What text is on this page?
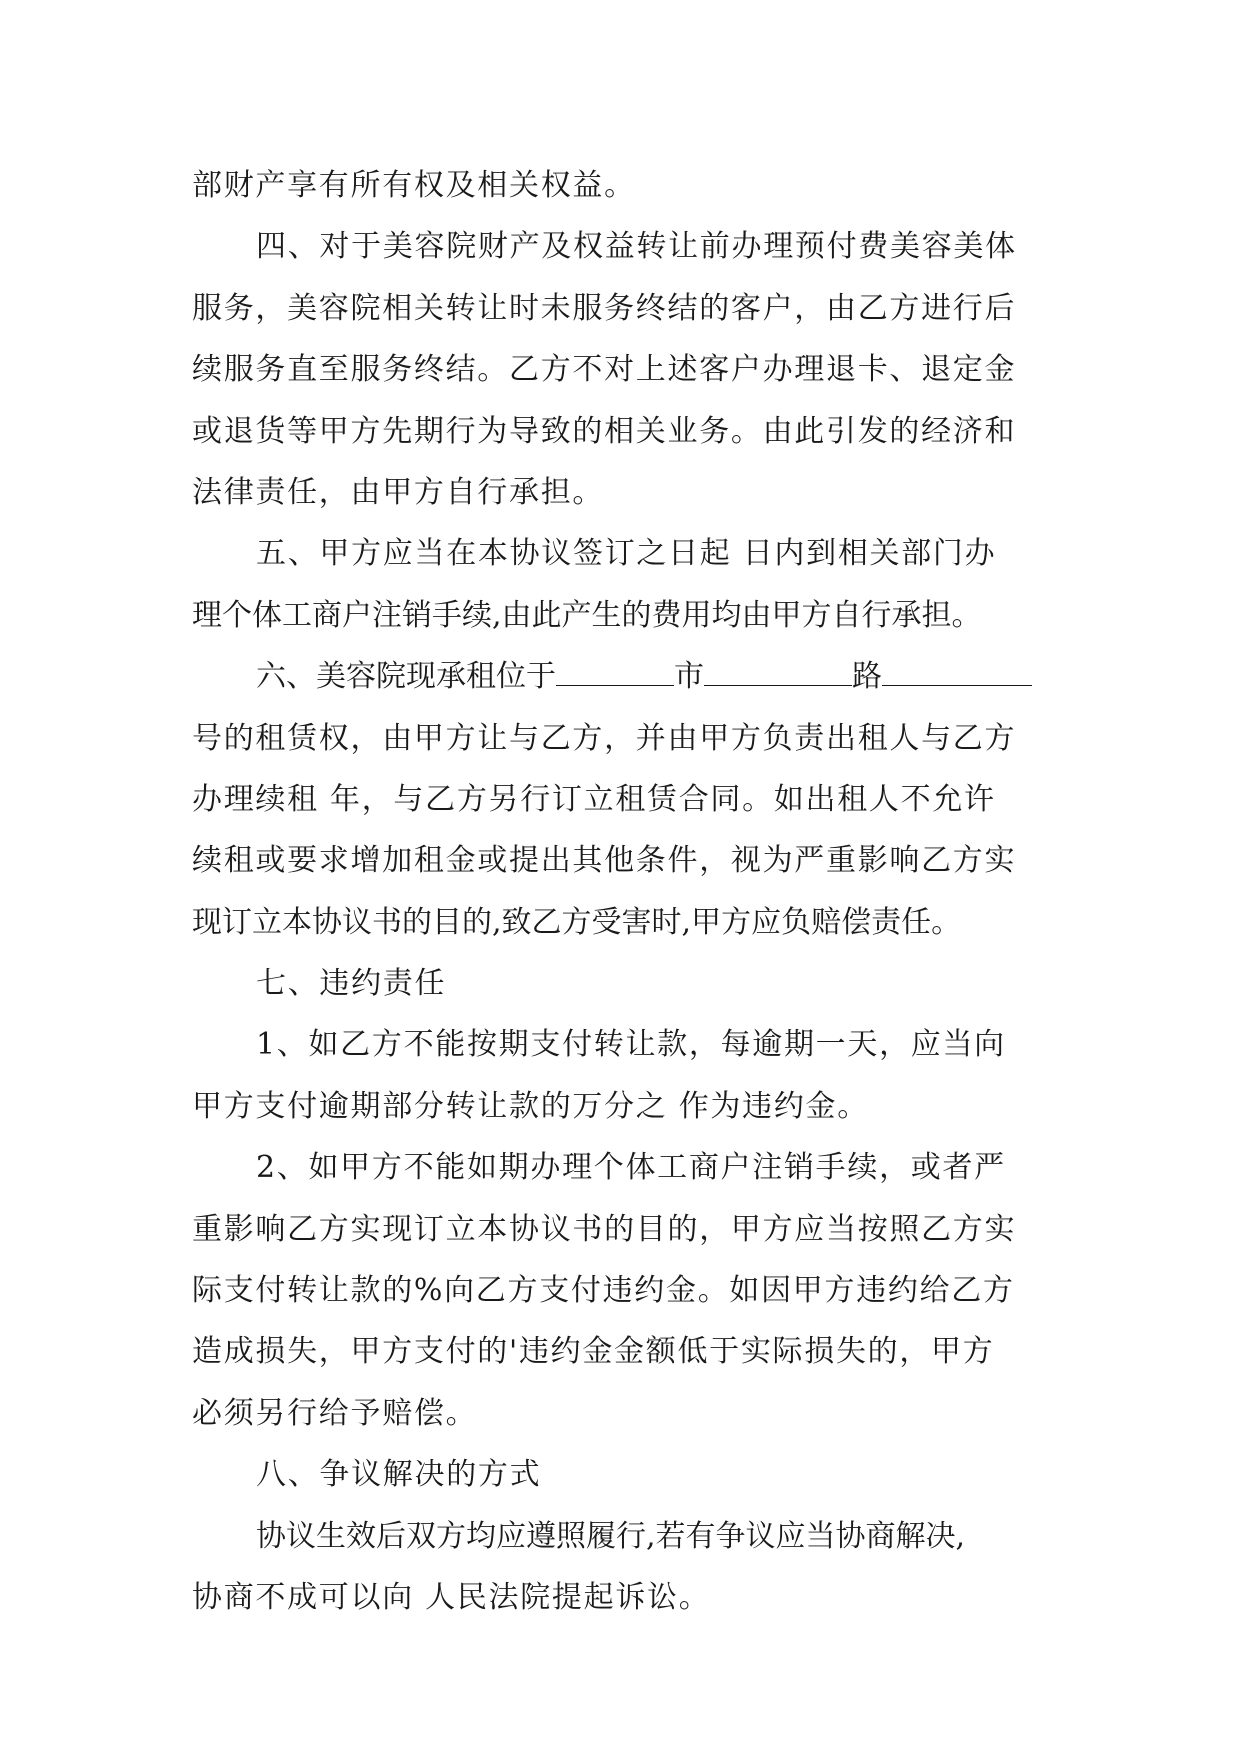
部财产享有所有权及相关权益。
四、对于美容院财产及权益转让前办理预付费美容美体
服务，美容院相关转让时未服务终结的客户，由乙方进行后
续服务直至服务终结。乙方不对上述客户办理退卡、退定金
或退货等甲方先期行为导致的相关业务。由此引发的经济和
法律责任，由甲方自行承担。
五、甲方应当在本协议签订之日起 日内到相关部门办
理个体工商户注销手续,由此产生的费用均由甲方自行承担。
六、美容院现承租位于	市	路
号的租赁权，由甲方让与乙方，并由甲方负责出租人与乙方
办理续租 年，与乙方另行订立租赁合同。如出租人不允许
续租或要求增加租金或提出其他条件，视为严重影响乙方实
现订立本协议书的目的,致乙方受害时,甲方应负赔偿责任。
七、违约责任
1、如乙方不能按期支付转让款，每逾期一天，应当向
甲方支付逾期部分转让款的万分之 作为违约金。
2、如甲方不能如期办理个体工商户注销手续，或者严
重影响乙方实现订立本协议书的目的，甲方应当按照乙方实
际支付转让款的%向乙方支付违约金。如因甲方违约给乙方
造成损失，甲方支付的'违约金金额低于实际损失的，甲方
必须另行给予赔偿。
八、争议解决的方式
协议生效后双方均应遵照履行,若有争议应当协商解决,
协商不成可以向 人民法院提起诉讼。
